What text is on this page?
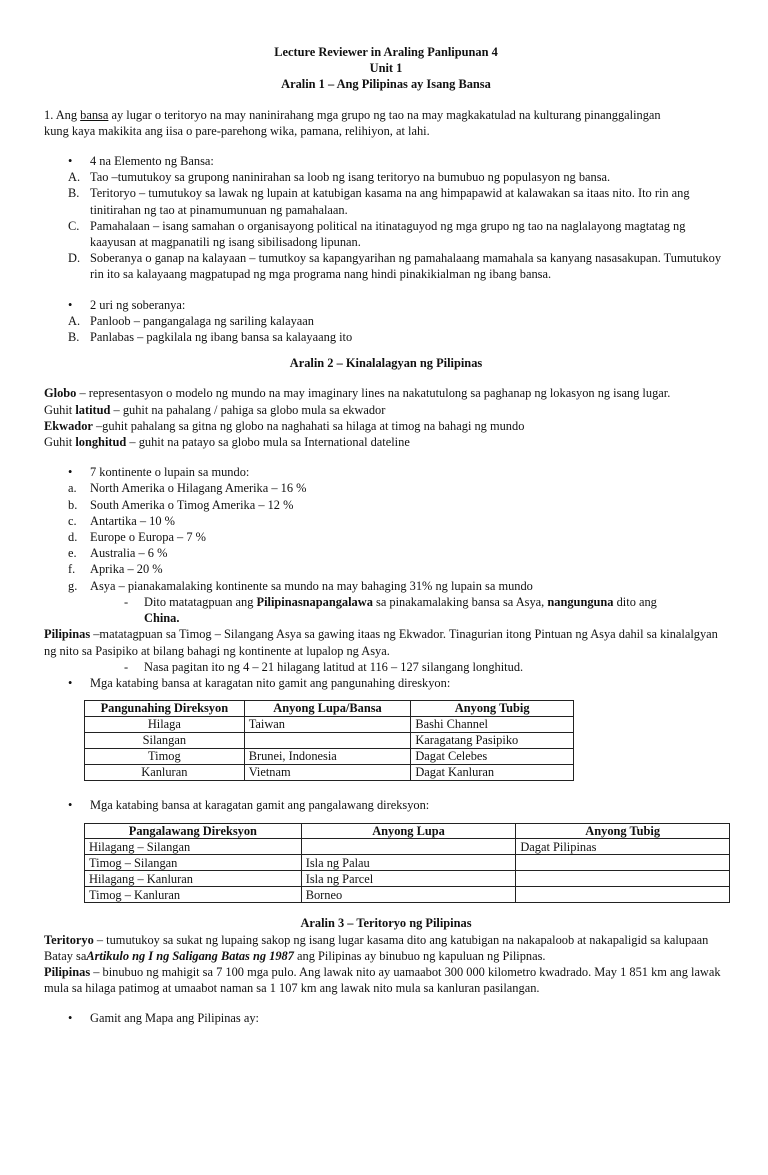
Lecture Reviewer in Araling Panlipunan 4

Unit 1

Aralin 1 – Ang Pilipinas ay Isang Bansa

1. Ang bansa ay lugar o teritoryo na may naninirahang mga grupo ng tao na may magkakatulad na kulturang pinanggalingan

kung kaya makikita ang iisa o pare-parehong wika, pamana, relihiyon, at lahi.

• 4 na Elemento ng Bansa:
A. Tao –tumutukoy sa grupong naninirahan sa loob ng isang teritoryo na bumubuo ng populasyon ng bansa.
B. Teritoryo – tumutukoy sa lawak ng lupain at katubigan kasama na ang himpapawid at kalawakan sa itaas nito. Ito rin ang tinitirahan ng tao at pinamumunuan ng pamahalaan.
C. Pamahalaan – isang samahan o organisayong political na itinataguyod ng mga grupo ng tao na naglalayong magtatag ng kaayusan at magpanatili ng isang sibilisadong lipunan.
D. Soberanya o ganap na kalayaan – tumutkoy sa kapangyarihan ng pamahalaang mamahala sa kanyang nasasakupan. Tumutukoy rin ito sa kalayaang magpatupad ng mga programa nang hindi pinakikialman ng ibang bansa.
• 2 uri ng soberanya:
A. Panloob – pangangalaga ng sariling kalayaan
B. Panlabas – pagkilala ng ibang bansa sa kalayaang ito

Aralin 2 – Kinalalagyan ng Pilipinas

Globo – representasyon o modelo ng mundo na may imaginary lines na nakatutulong sa paghanap ng lokasyon ng isang lugar.

Guhit latitud – guhit na pahalang / pahiga sa globo mula sa ekwador

Ekwador –guhit pahalang sa gitna ng globo na naghahati sa hilaga at timog na bahagi ng mundo

Guhit longhitud – guhit na patayo sa globo mula sa International dateline

• 7 kontinente o lupain sa mundo:
a. North Amerika o Hilagang Amerika – 16 %
b. South Amerika o Timog Amerika – 12 %
c. Antartika – 10 %
d. Europe o Europa – 7 %
e. Australia – 6 %
f. Aprika – 20 %
g. Asya – pianakamalaking kontinente sa mundo na may bahaging 31% ng lupain sa mundo
- Dito matatagpuan ang Pilipinasnapangalawa sa pinakamalaking bansa sa Asya, nangunguna dito ang
China.

Pilipinas –matatagpuan sa Timog – Silangang Asya sa gawing itaas ng Ekwador. Tinagurian itong Pintuan ng Asya dahil sa kinalalgyan ng nito sa Pasipiko at bilang bahagi ng kontinente at lupalop ng Asya.

- Nasa pagitan ito ng 4 – 21 hilagang latitud at 116 – 127 silangang longhitud.
• Mga katabing bansa at karagatan nito gamit ang pangunahing direskyon:
Pangunahing Direksyon	Anyong Lupa/Bansa	Anyong Tubig
Hilaga	Taiwan	Bashi Channel
Silangan		Karagatang Pasipiko
Timog	Brunei, Indonesia	Dagat Celebes
Kanluran	Vietnam	Dagat Kanluran
• Mga katabing bansa at karagatan gamit ang pangalawang direksyon:
Pangalawang Direksyon	Anyong Lupa	Anyong Tubig
Hilagang – Silangan		Dagat Pilipinas
Timog – Silangan	Isla ng Palau	
Hilagang – Kanluran	Isla ng Parcel	
Timog – Kanluran	Borneo	

Aralin 3 – Teritoryo ng Pilipinas

Teritoryo – tumutukoy sa sukat ng lupaing sakop ng isang lugar kasama dito ang katubigan na nakapaloob at nakapaligid sa kalupaan

Batay saArtikulo ng I ng Saligang Batas ng 1987 ang Pilipinas ay binubuo ng kapuluan ng Pilipnas.

Pilipinas – binubuo ng mahigit sa 7 100 mga pulo. Ang lawak nito ay uamaabot 300 000 kilometro kwadrado. May 1 851 km ang lawak mula sa hilaga patimog at umaabot naman sa 1 107 km ang lawak nito mula sa kanluran pasilangan.

• Gamit ang Mapa ang Pilipinas ay:
